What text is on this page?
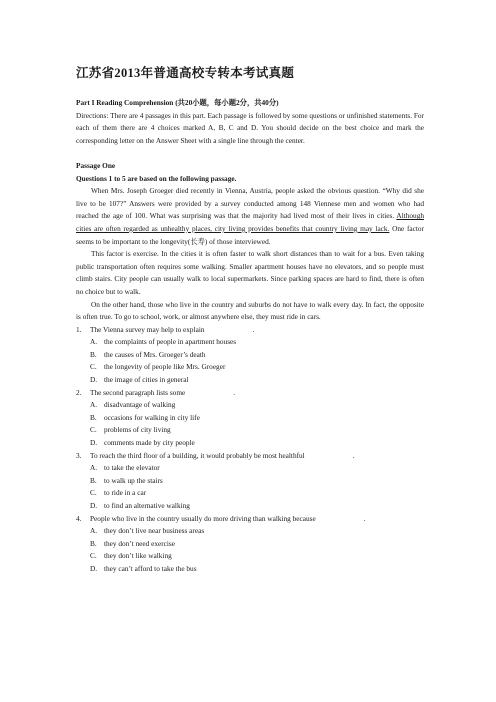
江苏省2013年普通高校专转本考试真题

Part I Reading Comprehension (共20小题，每小题2分，共40分)

Directions: There are 4 passages in this part. Each passage is followed by some questions or unfinished statements. For each of them there are 4 choices marked A, B, C and D. You should decide on the best choice and mark the corresponding letter on the Answer Sheet with a single line through the center.

Passage One

Questions 1 to 5 are based on the following passage.

When Mrs. Joseph Groeger died recently in Vienna, Austria, people asked the obvious question. “Why did she live to be 107?” Answers were provided by a survey conducted among 148 Viennese men and women who had reached the age of 100. What was surprising was that the majority had lived most of their lives in cities. Although cities are often regarded as unhealthy places, city living provides benefits that country living may lack. One factor seems to be important to the longevity(长寿) of those interviewed.

This factor is exercise. In the cities it is often faster to walk short distances than to wait for a bus. Even taking public transportation often requires some walking. Smaller apartment houses have no elevators, and so people must climb stairs. City people can usually walk to local supermarkets. Since parking spaces are hard to find, there is often no choice but to walk.

On the other hand, those who live in the country and suburbs do not have to walk every day. In fact, the opposite is often true. To go to school, work, or almost anywhere else, they must ride in cars.

1.	The Vienna survey may help to explain	.
A. the complaints of people in apartment houses
B. the causes of Mrs. Groeger’s death
C. the longevity of people like Mrs. Groeger
D. the image of cities in general
2.	The second paragraph lists some	.
A. disadvantage of walking
B. occasions for walking in city life
C. problems of city living
D. comments made by city people
3.	To reach the third floor of a building, it would probably be most healthful	.
A. to take the elevator
B. to walk up the stairs
C. to ride in a car
D. to find an alternative walking
4.	People who live in the country usually do more driving than walking because	.
A. they don’t live near business areas
B. they don’t need exercise
C. they don’t like walking
D. they can’t afford to take the bus
